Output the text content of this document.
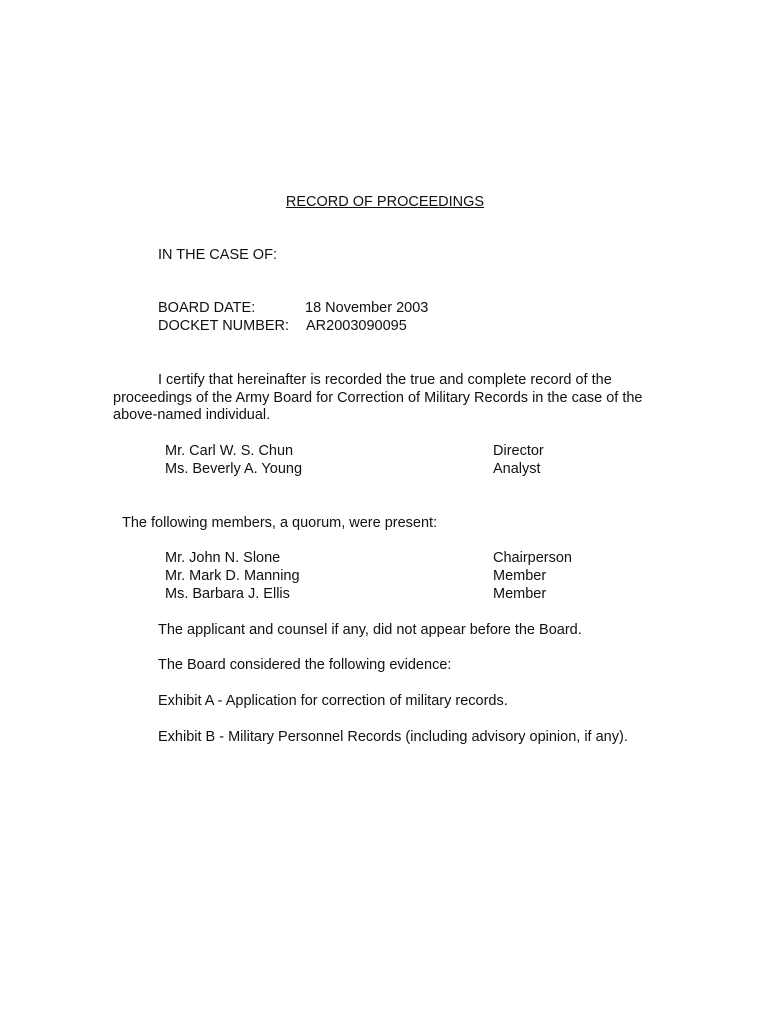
RECORD OF PROCEEDINGS
IN THE CASE OF:
BOARD DATE:	18 November 2003
DOCKET NUMBER: AR2003090095
I certify that hereinafter is recorded the true and complete record of the proceedings of the Army Board for Correction of Military Records in the case of the above-named individual.
Mr. Carl W. S. Chun	Director
Ms. Beverly A. Young	Analyst
The following members, a quorum, were present:
Mr. John N. Slone	Chairperson
Mr. Mark D. Manning	Member
Ms. Barbara J. Ellis	Member
The applicant and counsel if any, did not appear before the Board.
The Board considered the following evidence:
Exhibit A - Application for correction of military records.
Exhibit B - Military Personnel Records (including advisory opinion, if any).
